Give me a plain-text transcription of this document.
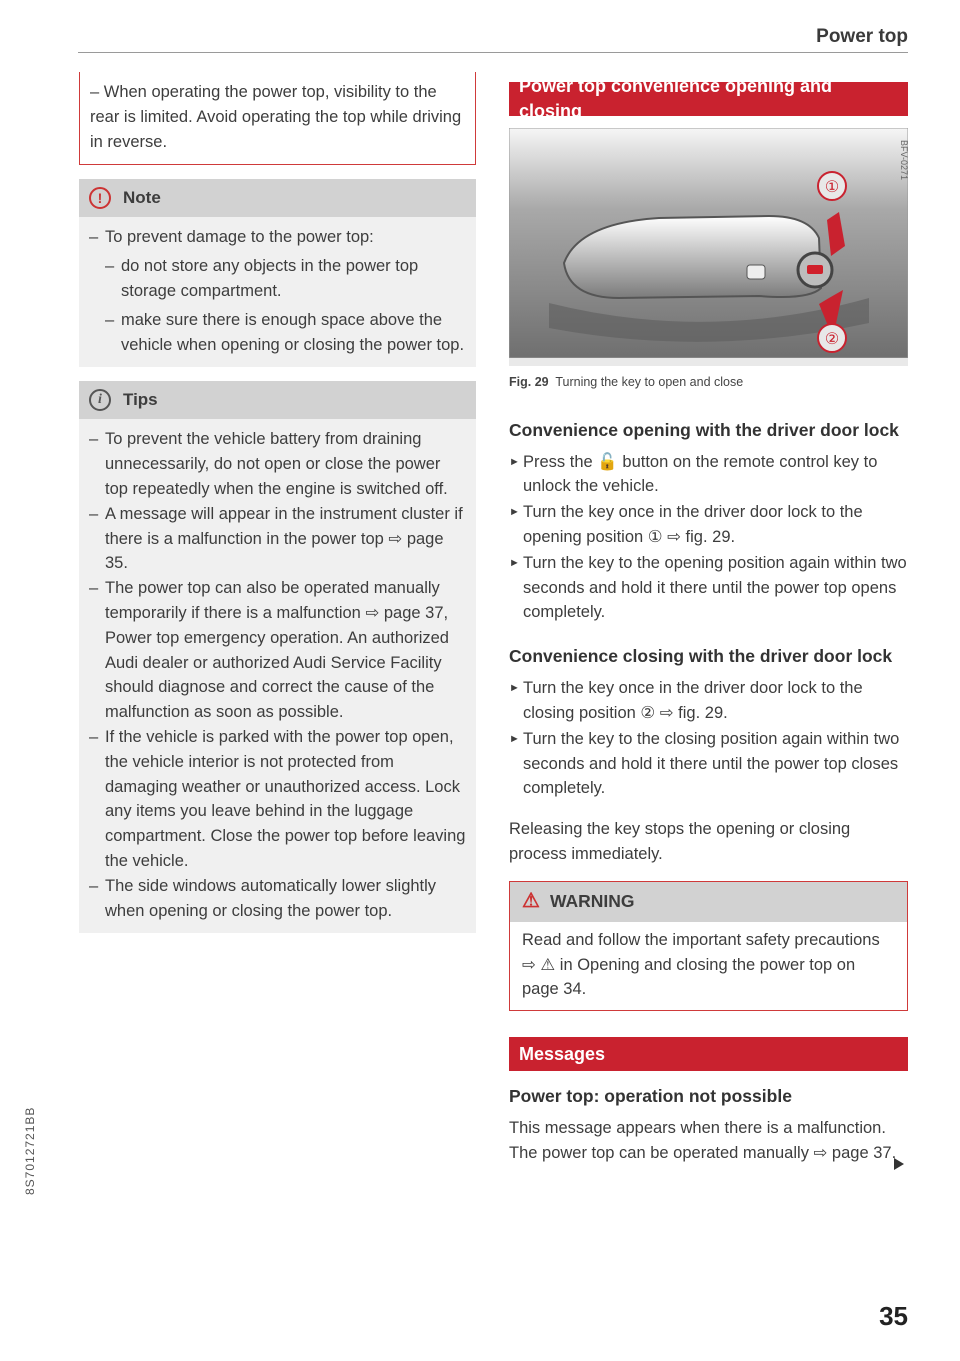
Power top
– When operating the power top, visibility to the rear is limited. Avoid operating the top while driving in reverse.
!	Note
– To prevent damage to the power top:
– do not store any objects in the power top storage compartment.
– make sure there is enough space above the vehicle when opening or closing the power top.
i	Tips
– To prevent the vehicle battery from draining unnecessarily, do not open or close the power top repeatedly when the engine is switched off.
– A message will appear in the instrument cluster if there is a malfunction in the power top ⇨ page 35.
– The power top can also be operated manually temporarily if there is a malfunction ⇨ page 37, Power top emergency operation. An authorized Audi dealer or authorized Audi Service Facility should diagnose and correct the cause of the malfunction as soon as possible.
– If the vehicle is parked with the power top open, the vehicle interior is not protected from damaging weather or unauthorized access. Lock any items you leave behind in the luggage compartment. Close the power top before leaving the vehicle.
– The side windows automatically lower slightly when opening or closing the power top.
Power top convenience opening and closing
①
②
BFV-0271
Fig. 29 Turning the key to open and close
Convenience opening with the driver door lock
► Press the 🔓 button on the remote control key to unlock the vehicle.
► Turn the key once in the driver door lock to the opening position ① ⇨ fig. 29.
► Turn the key to the opening position again within two seconds and hold it there until the power top opens completely.
Convenience closing with the driver door lock
► Turn the key once in the driver door lock to the closing position ② ⇨ fig. 29.
► Turn the key to the closing position again within two seconds and hold it there until the power top closes completely.

Releasing the key stops the opening or closing process immediately.

⚠ WARNING
Read and follow the important safety precautions ⇨ ⚠ in Opening and closing the power top on page 34.
Messages
Power top: operation not possible

This message appears when there is a malfunction. The power top can be operated manually ⇨ page 37.

35
8S7012721BB
